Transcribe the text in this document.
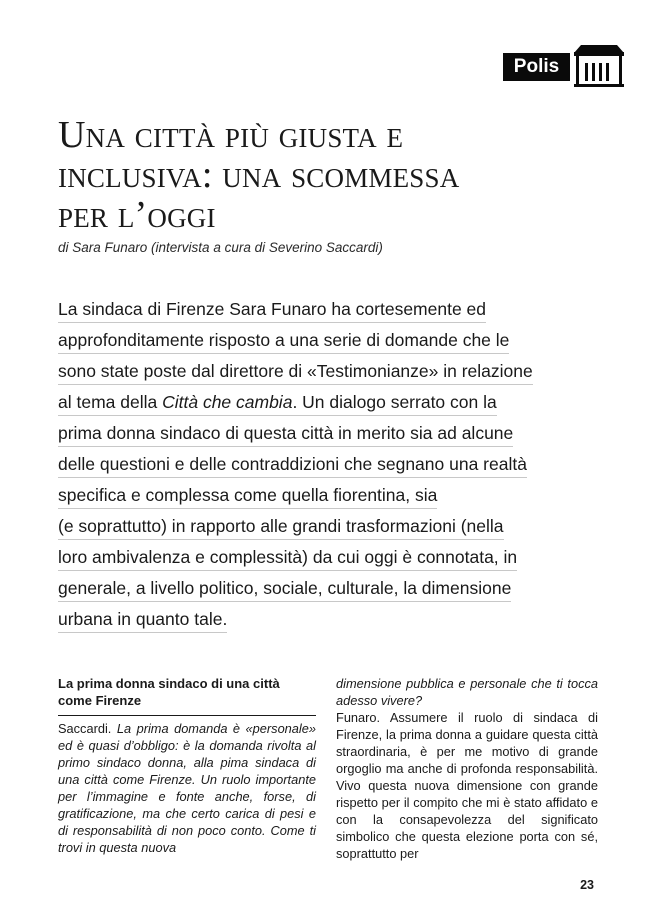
Polis
Una città più giusta e
inclusiva: una scommessa
per l’oggi

di Sara Funaro (intervista a cura di Severino Saccardi)

La sindaca di Firenze Sara Funaro ha cortesemente ed
approfonditamente risposto a una serie di domande che le
sono state poste dal direttore di «Testimonianze» in relazione
al tema della Città che cambia. Un dialogo serrato con la
prima donna sindaco di questa città in merito sia ad alcune
delle questioni e delle contraddizioni che segnano una realtà
specifica e complessa come quella fiorentina, sia
(e soprattutto) in rapporto alle grandi trasformazioni (nella
loro ambivalenza e complessità) da cui oggi è connotata, in
generale, a livello politico, sociale, culturale, la dimensione
urbana in quanto tale.
La prima donna sindaco di una città come Firenze

Saccardi. La prima domanda è «personale» ed è quasi d’obbligo: è la domanda rivolta al primo sindaco donna, alla pima sindaca di una città come Firenze. Un ruolo importante per l’immagine e fonte anche, forse, di gratificazione, ma che certo carica di pesi e di responsabilità di non poco conto. Come ti trovi in questa nuova

dimensione pubblica e personale che ti tocca adesso vivere?

Funaro. Assumere il ruolo di sindaca di Firenze, la prima donna a guidare questa città straordinaria, è per me motivo di grande orgoglio ma anche di profonda responsabilità. Vivo questa nuova dimensione con grande rispetto per il compito che mi è stato affidato e con la consapevolezza del significato simbolico che questa elezione porta con sé, soprattutto per

23
